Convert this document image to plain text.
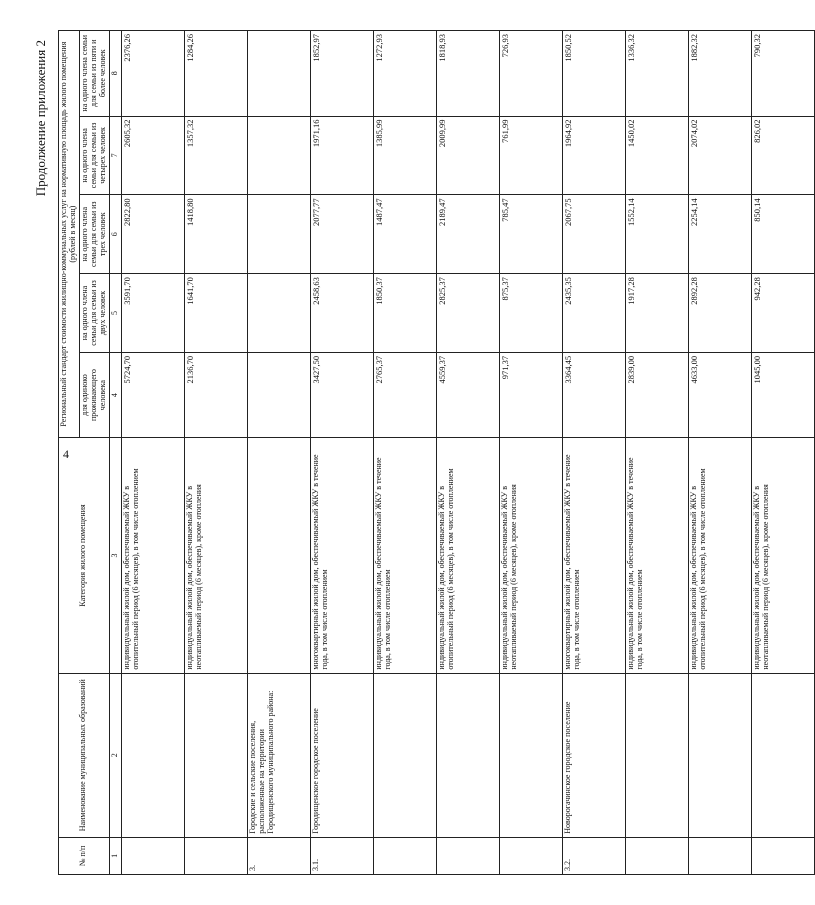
4
Продолжение приложения 2
№ п/п	Наименование муниципальных образований	Категория жилого помещения	Региональный стандарт стоимости жилищно-коммунальных услуг на нормативную площадь жилого помещения (рублей в месяц)				
			для одиноко проживающего человека	на одного члена семьи для семьи из двух человек	на одного члена семьи для семьи из трех человек	на одного члена семьи для семьи из четырех человек	на одного члена семьи для семьи из пяти и более человек
1	2	3	4	5	6	7	8
		индивидуальный жилой дом, обеспечиваемый ЖКУ в отопительный период (6 месяцев), в том числе отоплением	5724,70	3591,70	2822,80	2605,32	2376,26
		индивидуальный жилой дом, обеспечиваемый ЖКУ в неотапливаемый период (6 месяцев), кроме отопления	2136,70	1641,70	1418,80	1357,32	1284,26
3.	Городские и сельские поселения, расположенные на территории Городищенского муниципального района:						
3.1.	Городищенское городское поселение	многоквартирный жилой дом, обеспечиваемый ЖКУ в течение года, в том числе отоплением	3427,50	2458,63	2077,77	1971,16	1852,97
		индивидуальный жилой дом, обеспечиваемый ЖКУ в течение года, в том числе отоплением	2765,37	1850,37	1487,47	1385,99	1272,93
		индивидуальный жилой дом, обеспечиваемый ЖКУ в отопительный период (6 месяцев), в том числе отоплением	4559,37	2825,37	2189,47	2009,99	1818,93
		индивидуальный жилой дом, обеспечиваемый ЖКУ в неотапливаемый период (6 месяцев), кроме отопления	971,37	875,37	785,47	761,99	726,93
3.2.	Новорогачинское городское поселение	многоквартирный жилой дом, обеспечиваемый ЖКУ в течение года, в том числе отоплением	3364,45	2435,35	2067,75	1964,92	1850,52
		индивидуальный жилой дом, обеспечиваемый ЖКУ в течение года, в том числе отоплением	2839,00	1917,28	1552,14	1450,02	1336,32
		индивидуальный жилой дом, обеспечиваемый ЖКУ в отопительный период (6 месяцев), в том числе отоплением	4633,00	2892,28	2254,14	2074,02	1882,32
		индивидуальный жилой дом, обеспечиваемый ЖКУ в неотапливаемый период (6 месяцев), кроме отопления	1045,00	942,28	850,14	826,02	790,32
